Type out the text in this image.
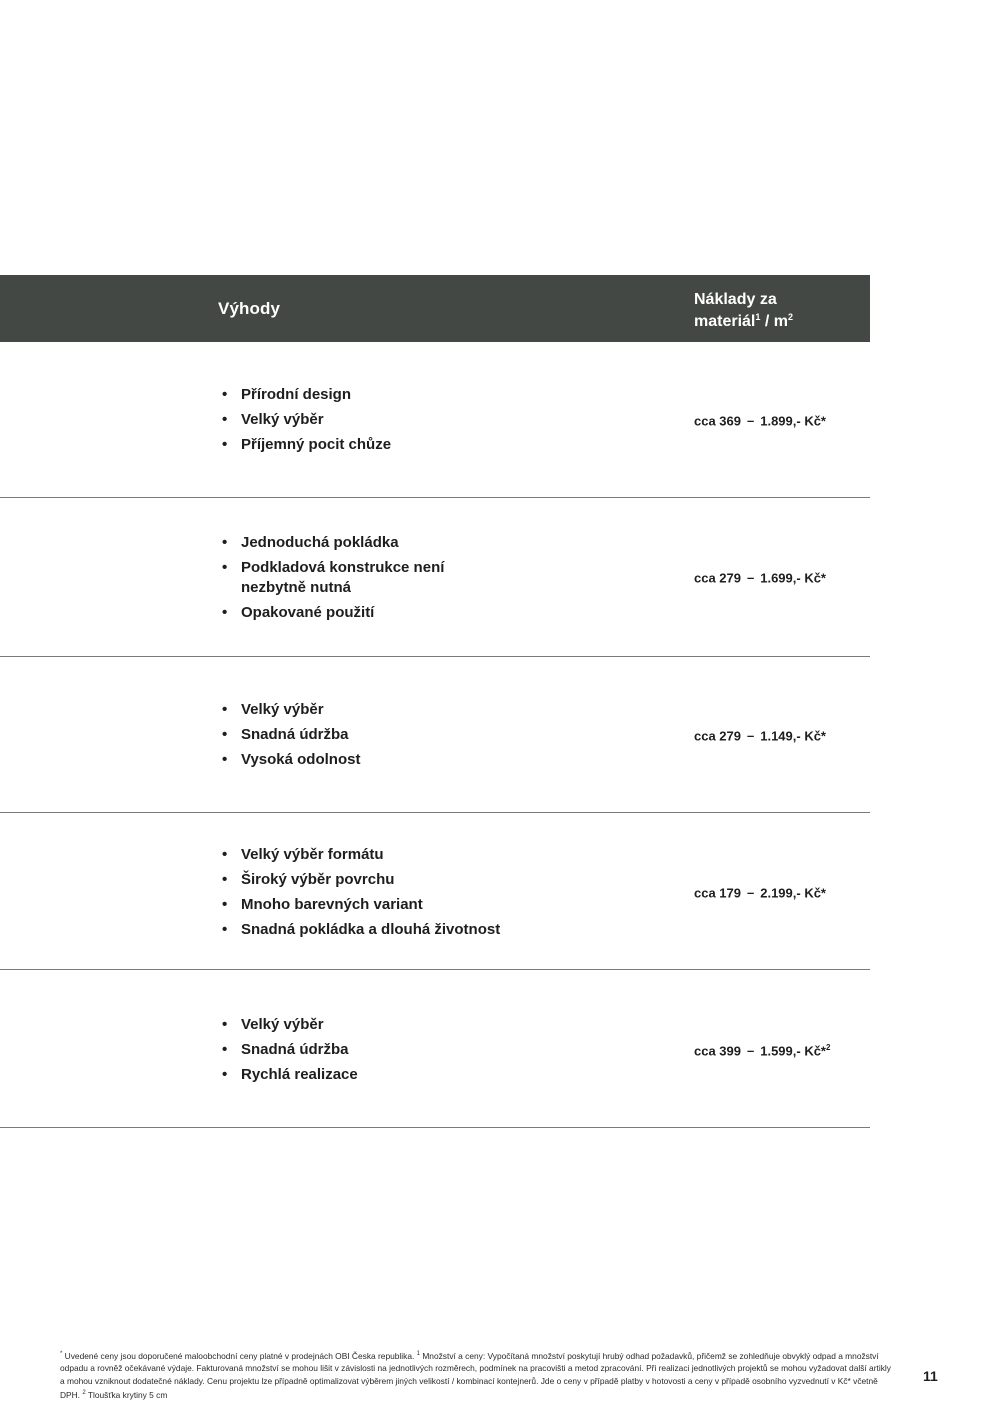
Výhody	Náklady za
materiál$^1$ / $m^2$
• Přírodní design
• Velký výběr
• Příjemný pocit chůze
cca 369 – 1.899,- Kč*
• Jednoduchá pokládka
• Podkladová konstrukce není nezbytně nutná
• Opakované použití
cca 279 – 1.699,- Kč*
• Velký výběr
• Snadná údržba
• Vysoká odolnost
cca 279 – 1.149,- Kč*
• Velký výběr formátu
• Široký výběr povrchu
• Mnoho barevných variant
• Snadná pokládka a dlouhá životnost
cca 179 – 2.199,- Kč*
• Velký výběr
• Snadná údržba
• Rychlá realizace
cca 399 – 1.599,- Kč*$^2$
* Uvedené ceny jsou doporučené maloobchodní ceny platné v prodejnách OBI Česka republika. $^1$ Množství a ceny: Vypočítaná množství poskytují hrubý odhad požadavků, přičemž se zohledňuje obvyklý odpad a množství odpadu a rovněž očekávané výdaje. Fakturovaná množství se mohou lišit v závislosti na jednotlivých rozměrech, podmínek na pracovišti a metod zpracování. Při realizaci jednotlivých projektů se mohou vyžadovat další artikly a mohou vzniknout dodatečné náklady. Cenu projektu lze případně optimalizovat výběrem jiných velikostí / kombinací kontejnerů. Jde o ceny v případě platby v hotovosti a ceny v případě osobního vyzvednutí v Kč* včetně DPH. $^2$ Tloušťka krytiny 5 cm
11
